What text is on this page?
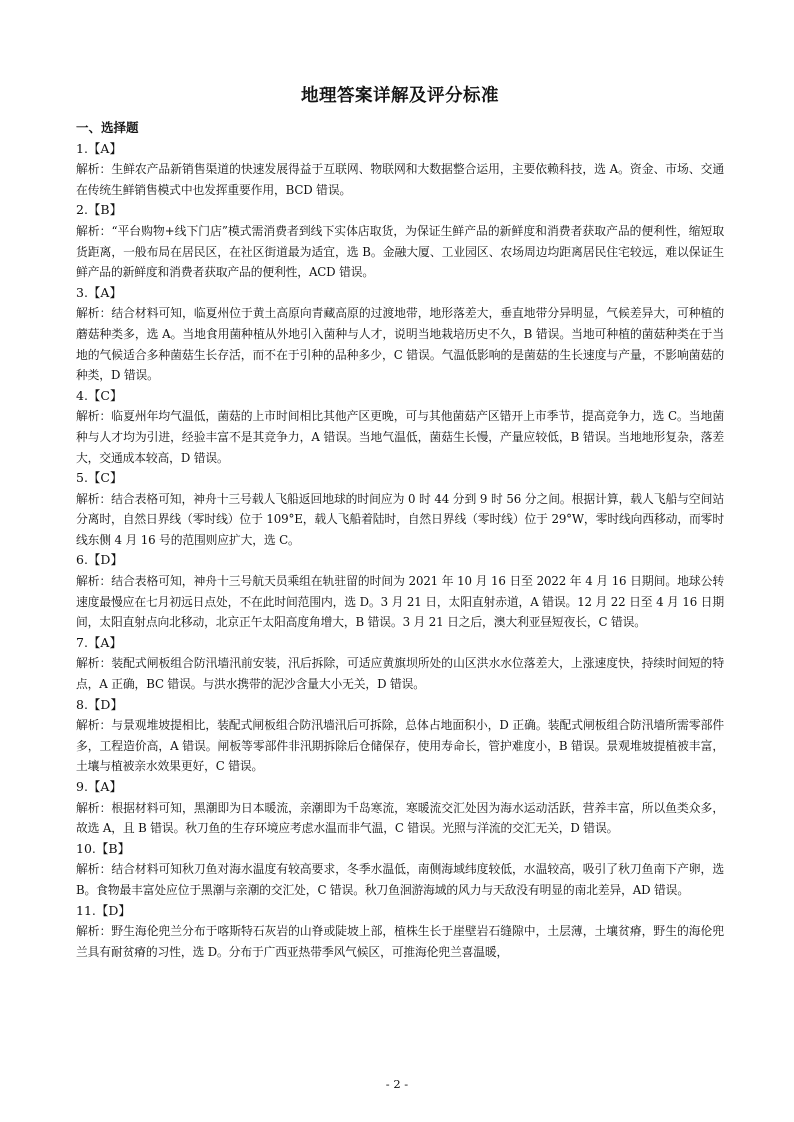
地理答案详解及评分标准

一、选择题

1.【A】

解析：生鲜农产品新销售渠道的快速发展得益于互联网、物联网和大数据整合运用，主要依赖科技，选 A。资金、市场、交通在传统生鲜销售模式中也发挥重要作用，BCD 错误。

2.【B】

解析：“平台购物+线下门店”模式需消费者到线下实体店取货，为保证生鲜产品的新鲜度和消费者获取产品的便利性，缩短取货距离，一般布局在居民区，在社区街道最为适宜，选 B。金融大厦、工业园区、农场周边均距离居民住宅较远，难以保证生鲜产品的新鲜度和消费者获取产品的便利性，ACD 错误。

3.【A】

解析：结合材料可知，临夏州位于黄土高原向青藏高原的过渡地带，地形落差大，垂直地带分异明显，气候差异大，可种植的蘑菇种类多，选 A。当地食用菌种植从外地引入菌种与人才，说明当地栽培历史不久，B 错误。当地可种植的菌菇种类在于当地的气候适合多种菌菇生长存活，而不在于引种的品种多少，C 错误。气温低影响的是菌菇的生长速度与产量，不影响菌菇的种类，D 错误。

4.【C】

解析：临夏州年均气温低，菌菇的上市时间相比其他产区更晚，可与其他菌菇产区错开上市季节，提高竞争力，选 C。当地菌种与人才均为引进，经验丰富不是其竞争力，A 错误。当地气温低，菌菇生长慢，产量应较低，B 错误。当地地形复杂，落差大，交通成本较高，D 错误。

5.【C】

解析：结合表格可知，神舟十三号载人飞船返回地球的时间应为 0 时 44 分到 9 时 56 分之间。根据计算，载人飞船与空间站分离时，自然日界线（零时线）位于 109°E，载人飞船着陆时，自然日界线（零时线）位于 29°W，零时线向西移动，而零时线东侧 4 月 16 号的范围则应扩大，选 C。

6.【D】

解析：结合表格可知，神舟十三号航天员乘组在轨驻留的时间为 2021 年 10 月 16 日至 2022 年 4 月 16 日期间。地球公转速度最慢应在七月初远日点处，不在此时间范围内，选 D。3 月 21 日，太阳直射赤道，A 错误。12 月 22 日至 4 月 16 日期间，太阳直射点向北移动，北京正午太阳高度角增大，B 错误。3 月 21 日之后，澳大利亚昼短夜长，C 错误。

7.【A】

解析：装配式闸板组合防汛墙汛前安装，汛后拆除，可适应黄旗坝所处的山区洪水水位落差大，上涨速度快，持续时间短的特点，A 正确，BC 错误。与洪水携带的泥沙含量大小无关，D 错误。

8.【D】

解析：与景观堆坡提相比，装配式闸板组合防汛墙汛后可拆除，总体占地面积小，D 正确。装配式闸板组合防汛墙所需零部件多，工程造价高，A 错误。闸板等零部件非汛期拆除后仓储保存，使用寿命长，管护难度小，B 错误。景观堆坡提植被丰富，土壤与植被亲水效果更好，C 错误。

9.【A】

解析：根据材料可知，黑潮即为日本暖流，亲潮即为千岛寒流，寒暖流交汇处因为海水运动活跃，营养丰富，所以鱼类众多，故选 A，且 B 错误。秋刀鱼的生存环境应考虑水温而非气温，C 错误。光照与洋流的交汇无关，D 错误。

10.【B】

解析：结合材料可知秋刀鱼对海水温度有较高要求，冬季水温低，南侧海域纬度较低，水温较高，吸引了秋刀鱼南下产卵，选 B。食物最丰富处应位于黑潮与亲潮的交汇处，C 错误。秋刀鱼洄游海域的风力与天敌没有明显的南北差异，AD 错误。

11.【D】

解析：野生海伦兜兰分布于喀斯特石灰岩的山脊或陡坡上部，植株生长于崖壁岩石缝隙中，土层薄，土壤贫瘠，野生的海伦兜兰具有耐贫瘠的习性，选 D。分布于广西亚热带季风气候区，可推海伦兜兰喜温暖，

- 2 -
